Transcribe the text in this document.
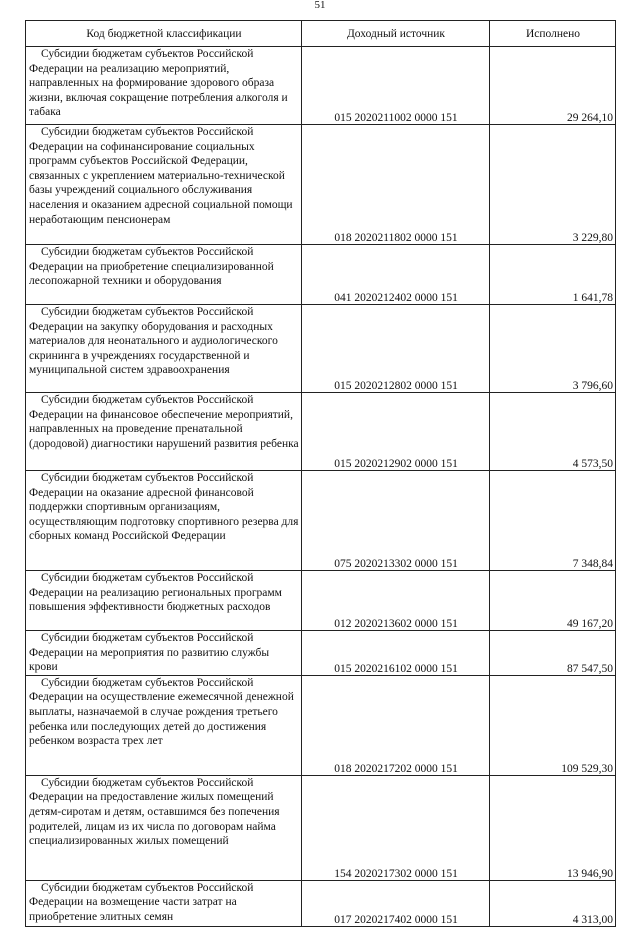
51
Код бюджетной классификации	Доходный источник	Исполнено
Субсидии бюджетам субъектов Российской Федерации на реализацию мероприятий, направленных на формирование здорового образа жизни, включая сокращение потребления алкоголя и табака	015 2020211002 0000 151	29 264,10
Субсидии бюджетам субъектов Российской Федерации на софинансирование социальных программ субъектов Российской Федерации, связанных с укреплением материально-технической базы учреждений социального обслуживания населения и оказанием адресной социальной помощи неработающим пенсионерам	018 2020211802 0000 151	3 229,80
Субсидии бюджетам субъектов Российской Федерации на приобретение специализированной лесопожарной техники и оборудования	041 2020212402 0000 151	1 641,78
Субсидии бюджетам субъектов Российской Федерации на закупку оборудования и расходных материалов для неонатального и аудиологического скрининга в учреждениях государственной и муниципальной систем здравоохранения	015 2020212802 0000 151	3 796,60
Субсидии бюджетам субъектов Российской Федерации на финансовое обеспечение мероприятий, направленных на проведение пренатальной (дородовой) диагностики нарушений развития ребенка	015 2020212902 0000 151	4 573,50
Субсидии бюджетам субъектов Российской Федерации на оказание адресной финансовой поддержки спортивным организациям, осуществляющим подготовку спортивного резерва для сборных команд Российской Федерации	075 2020213302 0000 151	7 348,84
Субсидии бюджетам субъектов Российской Федерации на реализацию региональных программ повышения эффективности бюджетных расходов	012 2020213602 0000 151	49 167,20
Субсидии бюджетам субъектов Российской Федерации на мероприятия по развитию службы крови	015 2020216102 0000 151	87 547,50
Субсидии бюджетам субъектов Российской Федерации на осуществление ежемесячной денежной выплаты, назначаемой в случае рождения третьего ребенка или последующих детей до достижения ребенком возраста трех лет	018 2020217202 0000 151	109 529,30
Субсидии бюджетам субъектов Российской Федерации на предоставление жилых помещений детям-сиротам и детям, оставшимся без попечения родителей, лицам из их числа по договорам найма специализированных жилых помещений	154 2020217302 0000 151	13 946,90
Субсидии бюджетам субъектов Российской Федерации на возмещение части затрат на приобретение элитных семян	017 2020217402 0000 151	4 313,00
